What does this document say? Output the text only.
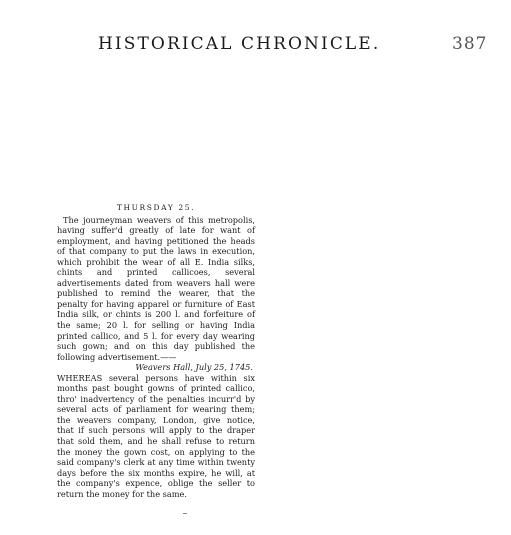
HISTORICAL CHRONICLE.	387
THURSDAY 25.

The journeyman weavers of this metropolis, having suffer'd greatly of late for want of employment, and having petitioned the heads of that company to put the laws in execution, which prohibit the wear of all E. India silks, chints and printed callicoes, several advertisements dated from weavers hall were published to remind the wearer, that the penalty for having apparel or furniture of East India silk, or chints is 200 l. and forfeiture of the same; 20 l. for selling or having India printed callico, and 5 l. for every day wearing such gown; and on this day published the following advertisement.——

Weavers Hall, July 25, 1745.

WHEREAS several persons have within six months past bought gowns of printed callico, thro' inadvertency of the penalties incurr'd by several acts of parliament for wearing them; the weavers company, London, give notice, that if such persons will apply to the draper that sold them, and he shall refuse to return the money the gown cost, on applying to the said company's clerk at any time within twenty days before the six months expire, he will, at the company's expence, oblige the seller to return the money for the same.
